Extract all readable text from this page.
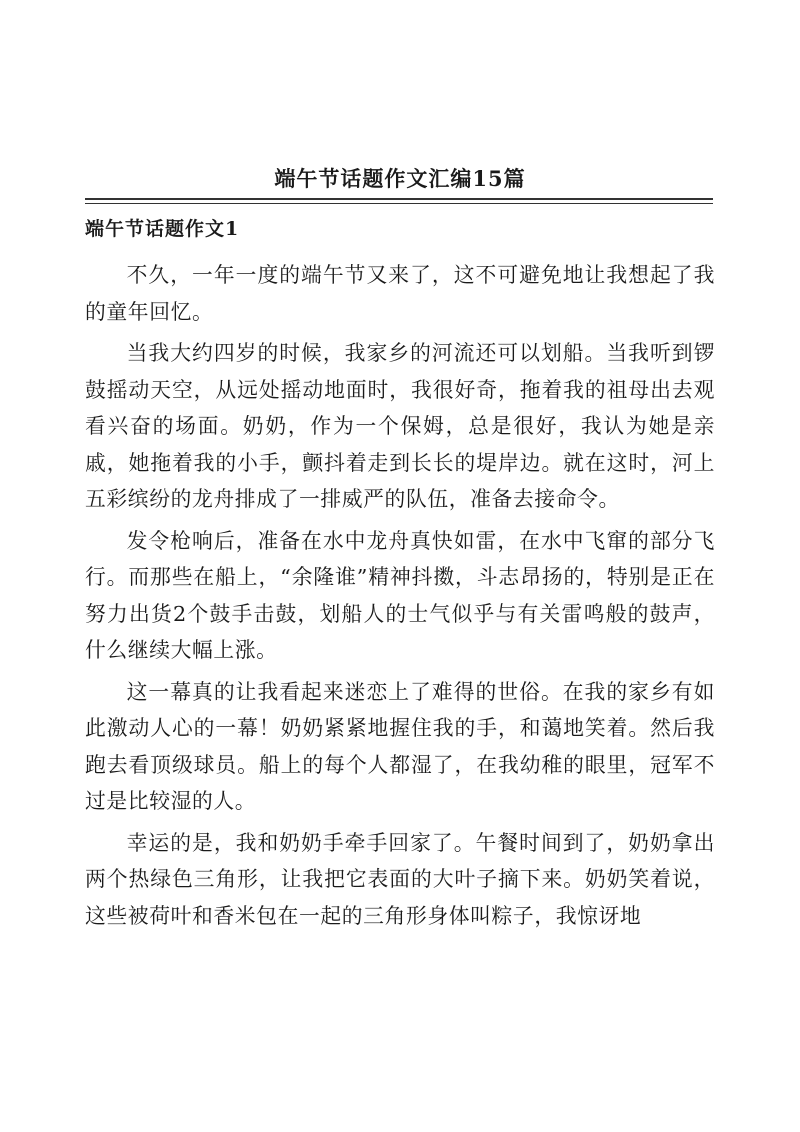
端午节话题作文汇编15篇
端午节话题作文1

不久，一年一度的端午节又来了，这不可避免地让我想起了我的童年回忆。

当我大约四岁的时候，我家乡的河流还可以划船。当我听到锣鼓摇动天空，从远处摇动地面时，我很好奇，拖着我的祖母出去观看兴奋的场面。奶奶，作为一个保姆，总是很好，我认为她是亲戚，她拖着我的小手，颤抖着走到长长的堤岸边。就在这时，河上五彩缤纷的龙舟排成了一排威严的队伍，准备去接命令。

发令枪响后，准备在水中龙舟真快如雷，在水中飞窜的部分飞行。而那些在船上，“余隆谁”精神抖擞，斗志昂扬的，特别是正在努力出货2个鼓手击鼓，划船人的士气似乎与有关雷鸣般的鼓声，什么继续大幅上涨。

这一幕真的让我看起来迷恋上了难得的世俗。在我的家乡有如此激动人心的一幕！奶奶紧紧地握住我的手，和蔼地笑着。然后我跑去看顶级球员。船上的每个人都湿了，在我幼稚的眼里，冠军不过是比较湿的人。

幸运的是，我和奶奶手牵手回家了。午餐时间到了，奶奶拿出两个热绿色三角形，让我把它表面的大叶子摘下来。奶奶笑着说，这些被荷叶和香米包在一起的三角形身体叫粽子，我惊讶地
